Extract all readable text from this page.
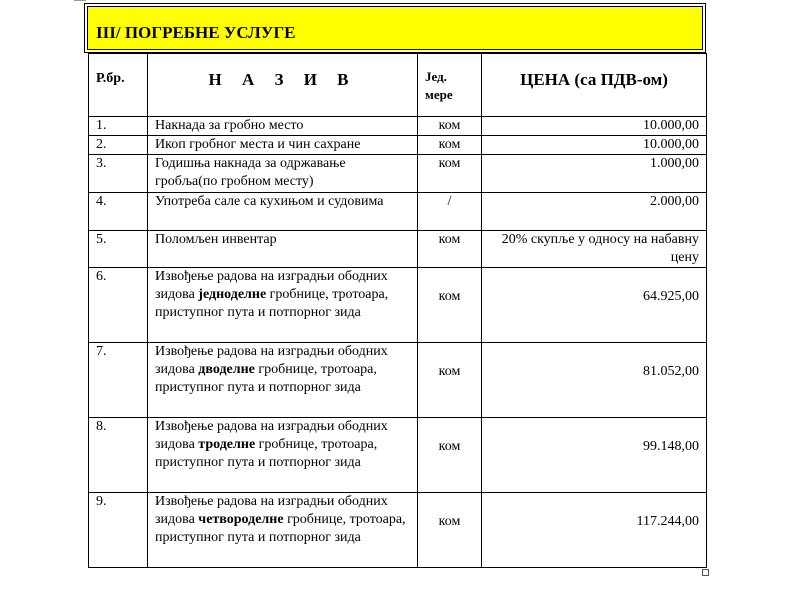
III/ ПОГРЕБНЕ УСЛУГЕ
Р.бр.	Н А З И В	Јед. мере	ЦЕНА (са ПДВ-ом)

1.	Накнада за гробно место	ком	10.000,00
2.	Икоп гробног места и чин сахране	ком	10.000,00
3.	Годишња накнада за одржавање гробља(по гробном месту)	ком	1.000,00
4.	Употреба сале са кухињом и судовима	/	2.000,00
5.	Поломљен инвентар	ком	20% скупље у односу на набавну цену
6.	Извођење радова на изградњи ободних зидова једноделне гробнице, тротоара, приступног пута и потпорног зида	ком	64.925,00
7.	Извођење радова на изградњи ободних зидова дводелне гробнице, тротоара, приступног пута и потпорног зида	ком	81.052,00
8.	Извођење радова на изградњи ободних зидова троделне гробнице, тротоара, приступног пута и потпорног зида	ком	99.148,00
9.	Извођење радова на изградњи ободних зидова четвороделне гробнице, тротоара, приступног пута и потпорног зида	ком	117.244,00
